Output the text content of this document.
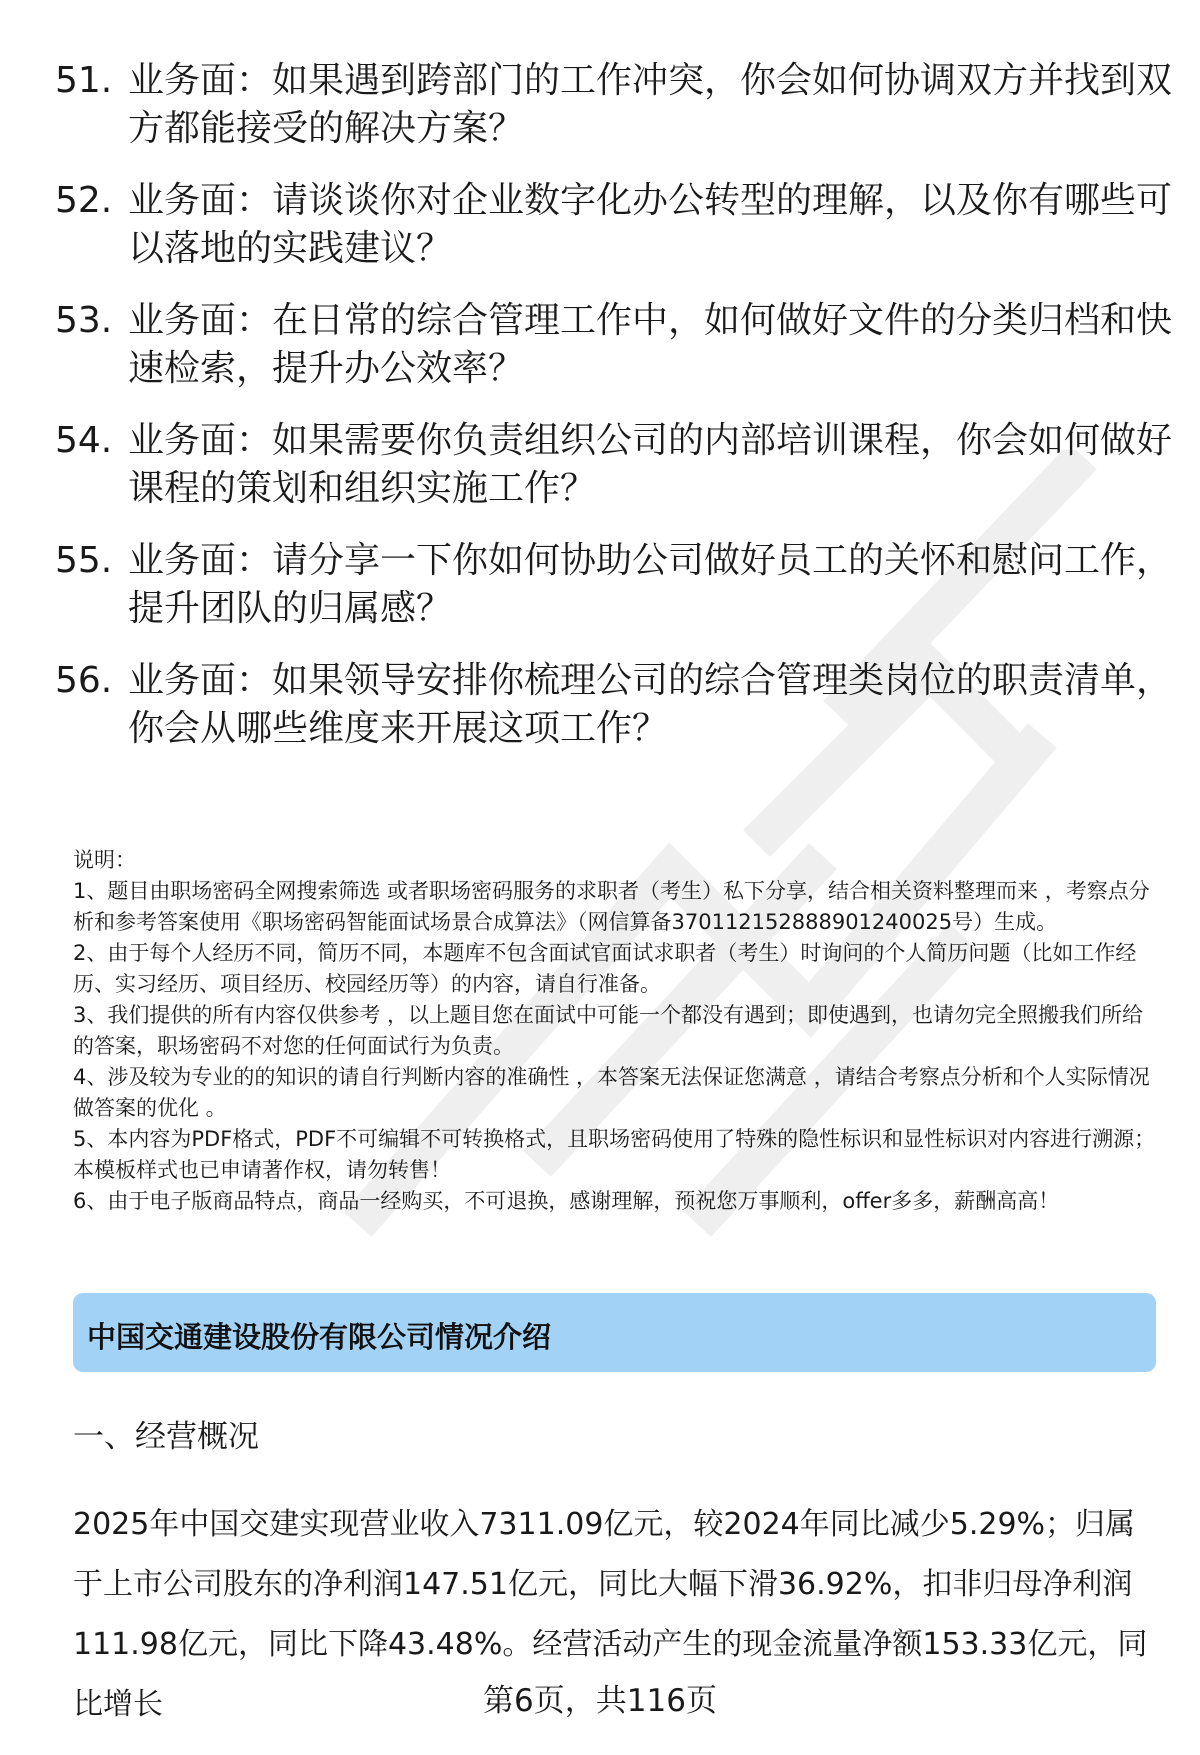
51. 业务面：如果遇到跨部门的工作冲突，你会如何协调双方并找到双方都能接受的解决方案？
52. 业务面：请谈谈你对企业数字化办公转型的理解，以及你有哪些可以落地的实践建议？
53. 业务面：在日常的综合管理工作中，如何做好文件的分类归档和快速检索，提升办公效率？
54. 业务面：如果需要你负责组织公司的内部培训课程，你会如何做好课程的策划和组织实施工作？
55. 业务面：请分享一下你如何协助公司做好员工的关怀和慰问工作，提升团队的归属感？
56. 业务面：如果领导安排你梳理公司的综合管理类岗位的职责清单，你会从哪些维度来开展这项工作？

说明：

1、题目由职场密码全网搜索筛选 或者职场密码服务的求职者（考生）私下分享，结合相关资料整理而来 ，考察点分析和参考答案使用《职场密码智能面试场景合成算法》（网信算备370112152888901240025号）生成。

2、由于每个人经历不同，简历不同，本题库不包含面试官面试求职者（考生）时询问的个人简历问题（比如工作经历、实习经历、项目经历、校园经历等）的内容，请自行准备。

3、我们提供的所有内容仅供参考 ，以上题目您在面试中可能一个都没有遇到；即使遇到，也请勿完全照搬我们所给的答案，职场密码不对您的任何面试行为负责。

4、涉及较为专业的的知识的请自行判断内容的准确性 ，本答案无法保证您满意 ，请结合考察点分析和个人实际情况做答案的优化 。

5、本内容为PDF格式，PDF不可编辑不可转换格式，且职场密码使用了特殊的隐性标识和显性标识对内容进行溯源；本模板样式也已申请著作权，请勿转售！

6、由于电子版商品特点，商品一经购买，不可退换，感谢理解，预祝您万事顺利，offer多多，薪酬高高！

中国交通建设股份有限公司情况介绍
一、经营概况
2025年中国交建实现营业收入7311.09亿元，较2024年同比减少5.29%；归属于上市公司股东的净利润147.51亿元，同比大幅下滑36.92%，扣非归母净利润111.98亿元，同比下降43.48%。经营活动产生的现金流量净额153.33亿元，同比增长	第6页，共116页
